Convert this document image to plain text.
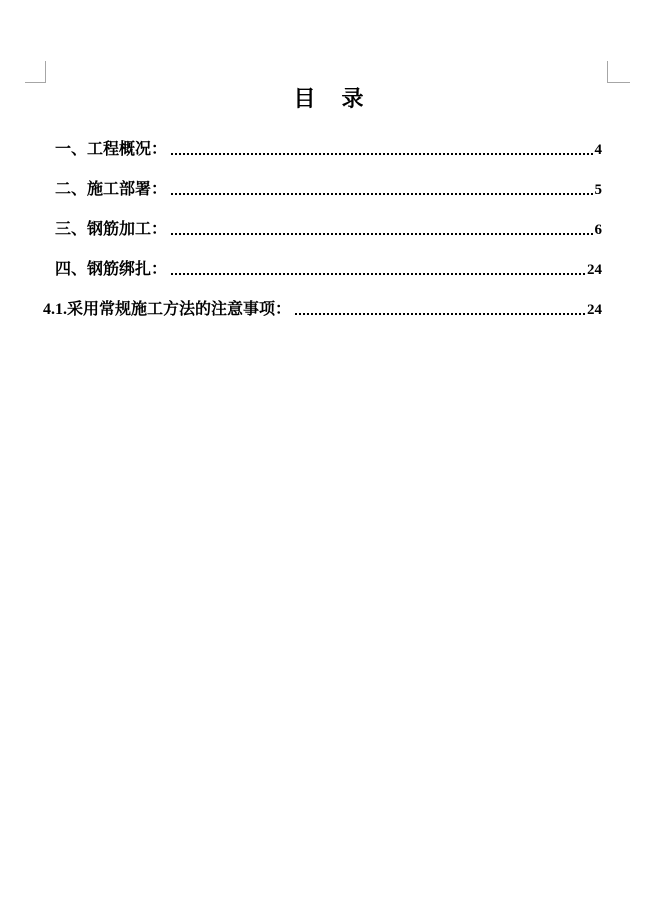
目　录
一、工程概况：	4
二、施工部署：	5
三、钢筋加工：	6
四、钢筋绑扎：	24
4.1.采用常规施工方法的注意事项：	24
